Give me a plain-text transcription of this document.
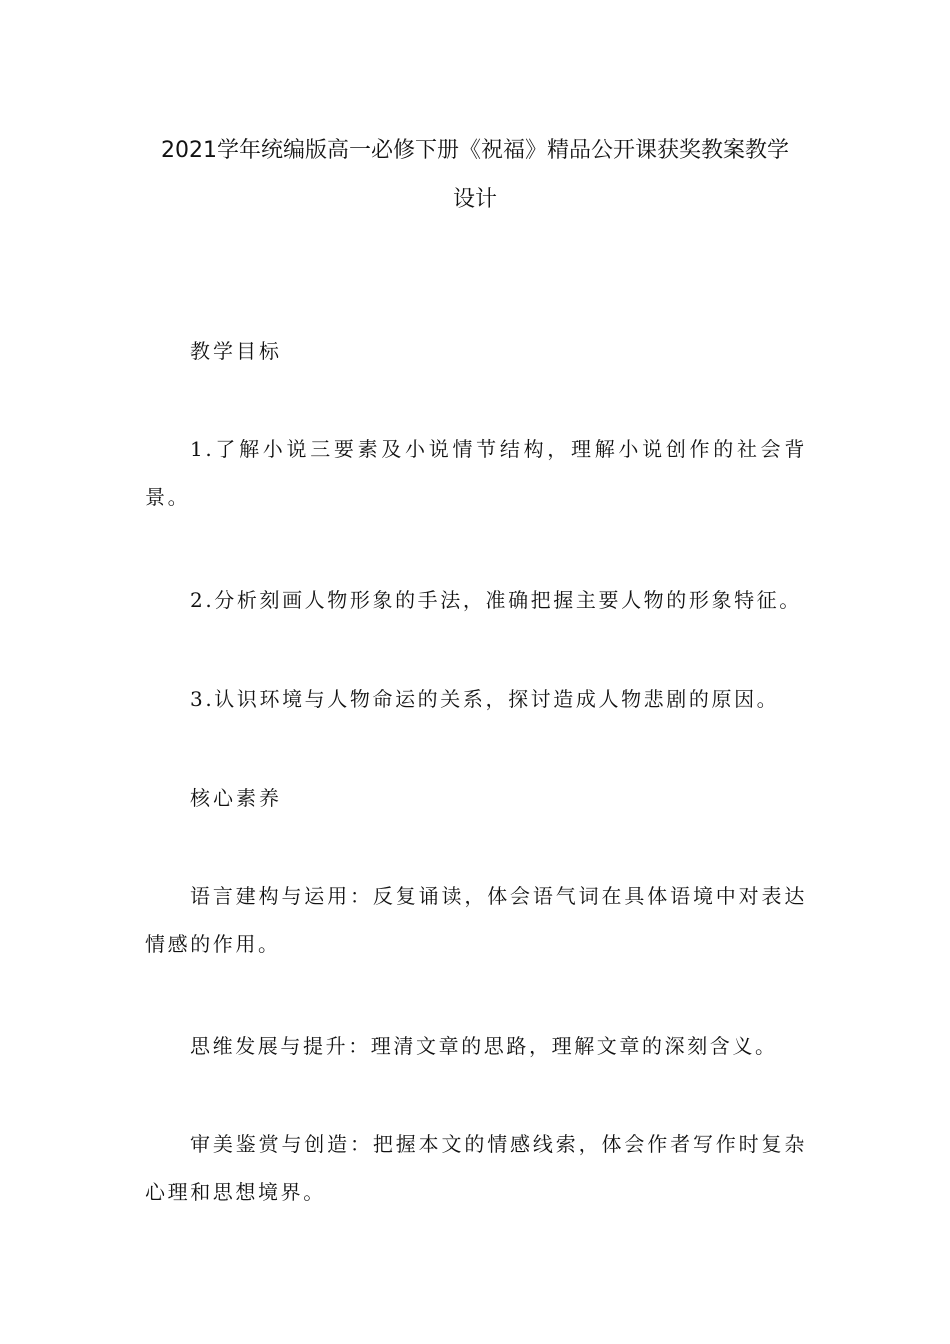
2021学年统编版高一必修下册《祝福》精品公开课获奖教案教学
设计
教学目标
1.了解小说三要素及小说情节结构，理解小说创作的社会背景。
2.分析刻画人物形象的手法，准确把握主要人物的形象特征。
3.认识环境与人物命运的关系，探讨造成人物悲剧的原因。
核心素养
语言建构与运用：反复诵读，体会语气词在具体语境中对表达情感的作用。
思维发展与提升：理清文章的思路，理解文章的深刻含义。
审美鉴赏与创造：把握本文的情感线索，体会作者写作时复杂心理和思想境界。
